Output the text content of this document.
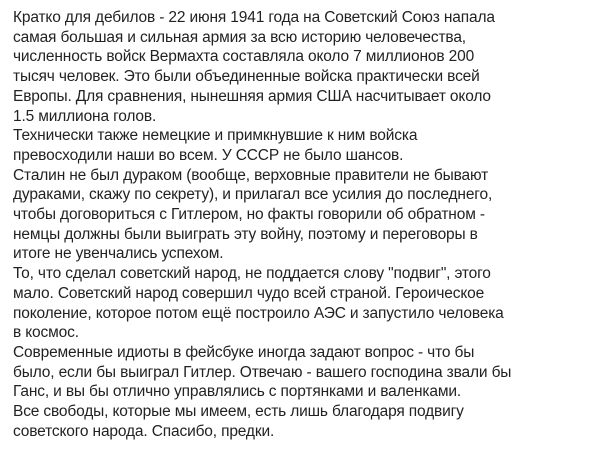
Кратко для дебилов - 22 июня 1941 года на Советский Союз напала
самая большая и сильная армия за всю историю человечества,
численность войск Вермахта составляла около 7 миллионов 200
тысяч человек. Это были объединенные войска практически всей
Европы. Для сравнения, нынешняя армия США насчитывает около
1.5 миллиона голов.
Технически также немецкие и примкнувшие к ним войска
превосходили наши во всем. У СССР не было шансов.
Сталин не был дураком (вообще, верховные правители не бывают
дураками, скажу по секрету), и прилагал все усилия до последнего,
чтобы договориться с Гитлером, но факты говорили об обратном -
немцы должны были выиграть эту войну, поэтому и переговоры в
итоге не увенчались успехом.
То, что сделал советский народ, не поддается слову "подвиг", этого
мало. Советский народ совершил чудо всей страной. Героическое
поколение, которое потом ещё построило АЭС и запустило человека
в космос.
Современные идиоты в фейсбуке иногда задают вопрос - что бы
было, если бы выиграл Гитлер. Отвечаю - вашего господина звали бы
Ганс, и вы бы отлично управлялись с портянками и валенками.
Все свободы, которые мы имеем, есть лишь благодаря подвигу
советского народа. Спасибо, предки.
